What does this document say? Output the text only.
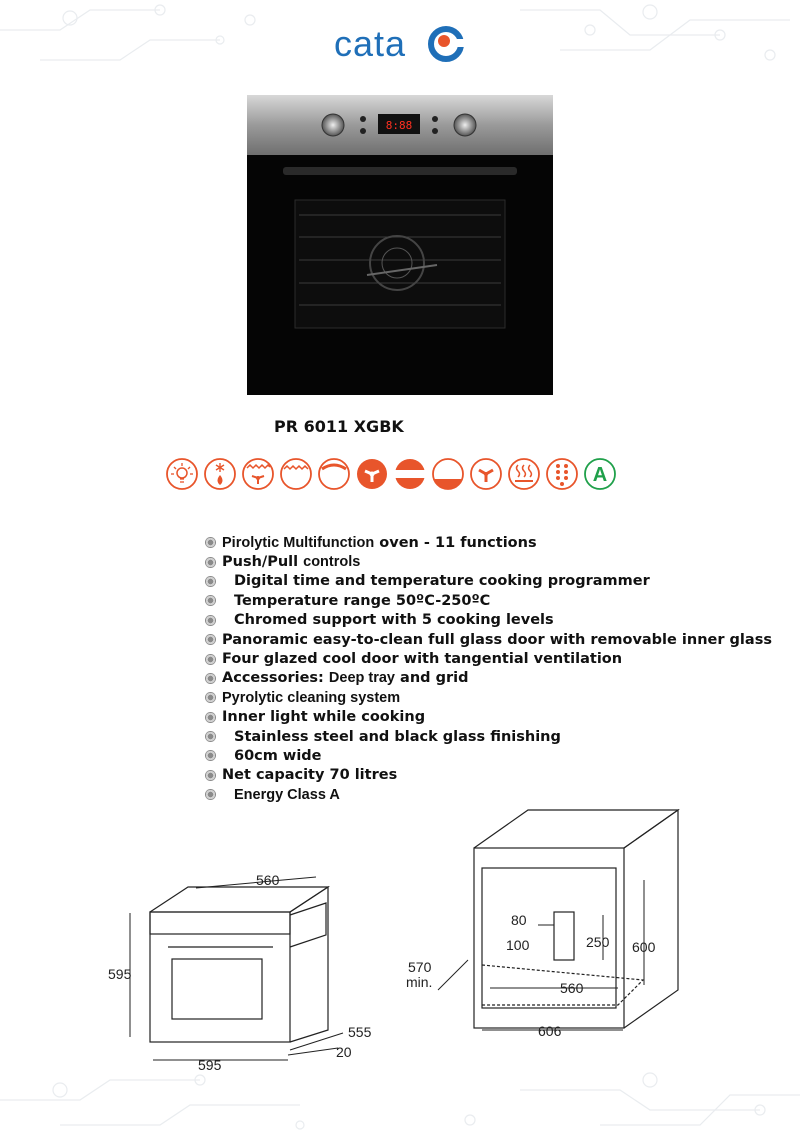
cata
8:88
PR 6011 XGBK
A
Pirolytic Multifunction oven - 11 functions
Push/Pull controls
Digital time and temperature cooking programmer
Temperature range 50ºC-250ºC
Chromed support with 5 cooking levels
Panoramic easy-to-clean full glass door with removable inner glass
Four glazed cool door with tangential ventilation
Accessories: Deep tray and grid
Pyrolytic cleaning system
Inner light while cooking
Stainless steel and black glass finishing
60cm wide
Net capacity 70 litres
Energy Class A
560
595
595
555
20
80
250
100	600
570
min.	560
606
